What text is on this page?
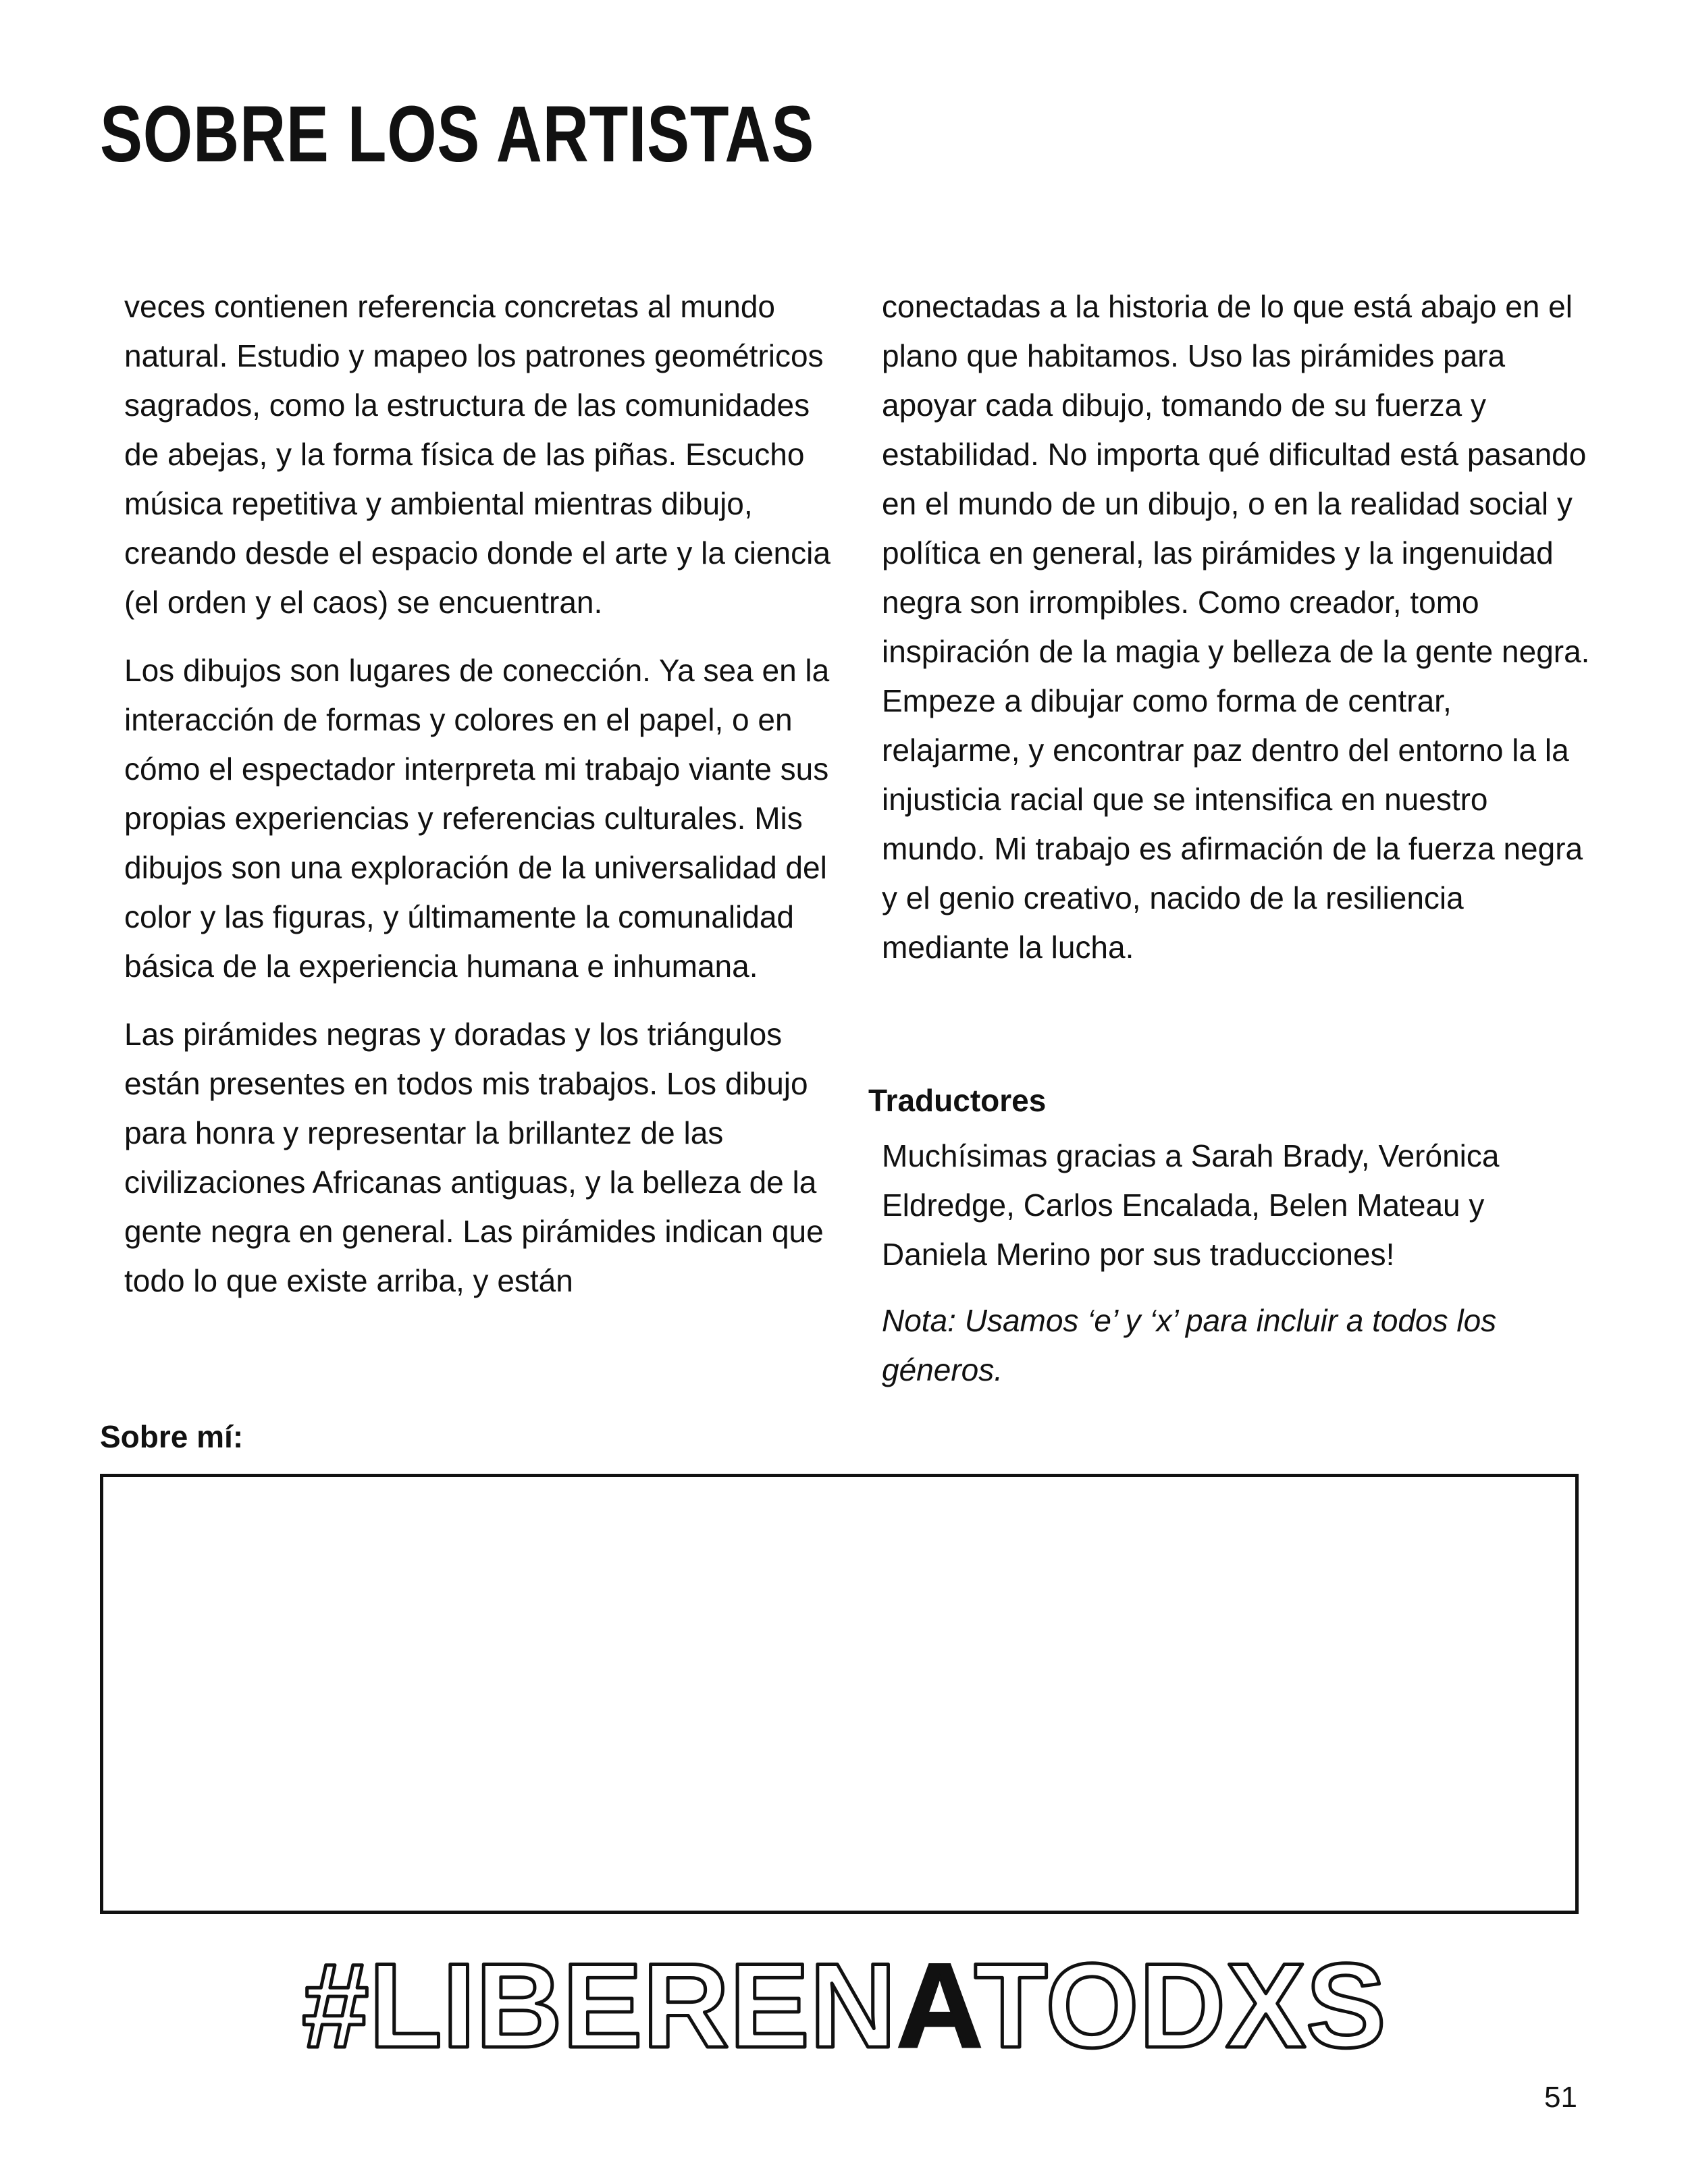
SOBRE LOS ARTISTAS

veces contienen referencia concretas al mundo natural. Estudio y mapeo los patrones geométricos sagrados, como la estructura de las comunidades de abejas, y la forma física de las piñas. Escucho música repetitiva y ambiental mientras dibujo, creando desde el espacio donde el arte y la ciencia (el orden y el caos) se encuentran.

Los dibujos son lugares de conección. Ya sea en la interacción de formas y colores en el papel, o en cómo el espectador interpreta mi trabajo viante sus propias experiencias y referencias culturales. Mis dibujos son una exploración de la universalidad del color y las figuras, y últimamente la comunalidad básica de la experiencia humana e inhumana.

Las pirámides negras y doradas y los triángulos están presentes en todos mis trabajos. Los dibujo para honra y representar la brillantez de las civilizaciones Africanas antiguas, y la belleza de la gente negra en general. Las pirámides indican que todo lo que existe arriba, y están

conectadas a la historia de lo que está abajo en el plano que habitamos. Uso las pirámides para apoyar cada dibujo, tomando de su fuerza y estabilidad. No importa qué dificultad está pasando en el mundo de un dibujo, o en la realidad social y política en general, las pirámides y la ingenuidad negra son irrompibles. Como creador, tomo inspiración de la magia y belleza de la gente negra. Empeze a dibujar como forma de centrar, relajarme, y encontrar paz dentro del entorno la la injusticia racial que se intensifica en nuestro mundo. Mi trabajo es afirmación de la fuerza negra y el genio creativo, nacido de la resiliencia mediante la lucha.

Traductores

Muchísimas gracias a Sarah Brady, Verónica Eldredge, Carlos Encalada, Belen Mateau y Daniela Merino por sus traducciones!

Nota: Usamos ‘e’ y ‘x’ para incluir a todos los géneros.

Sobre mí:
#LIBERENATODXS
51
